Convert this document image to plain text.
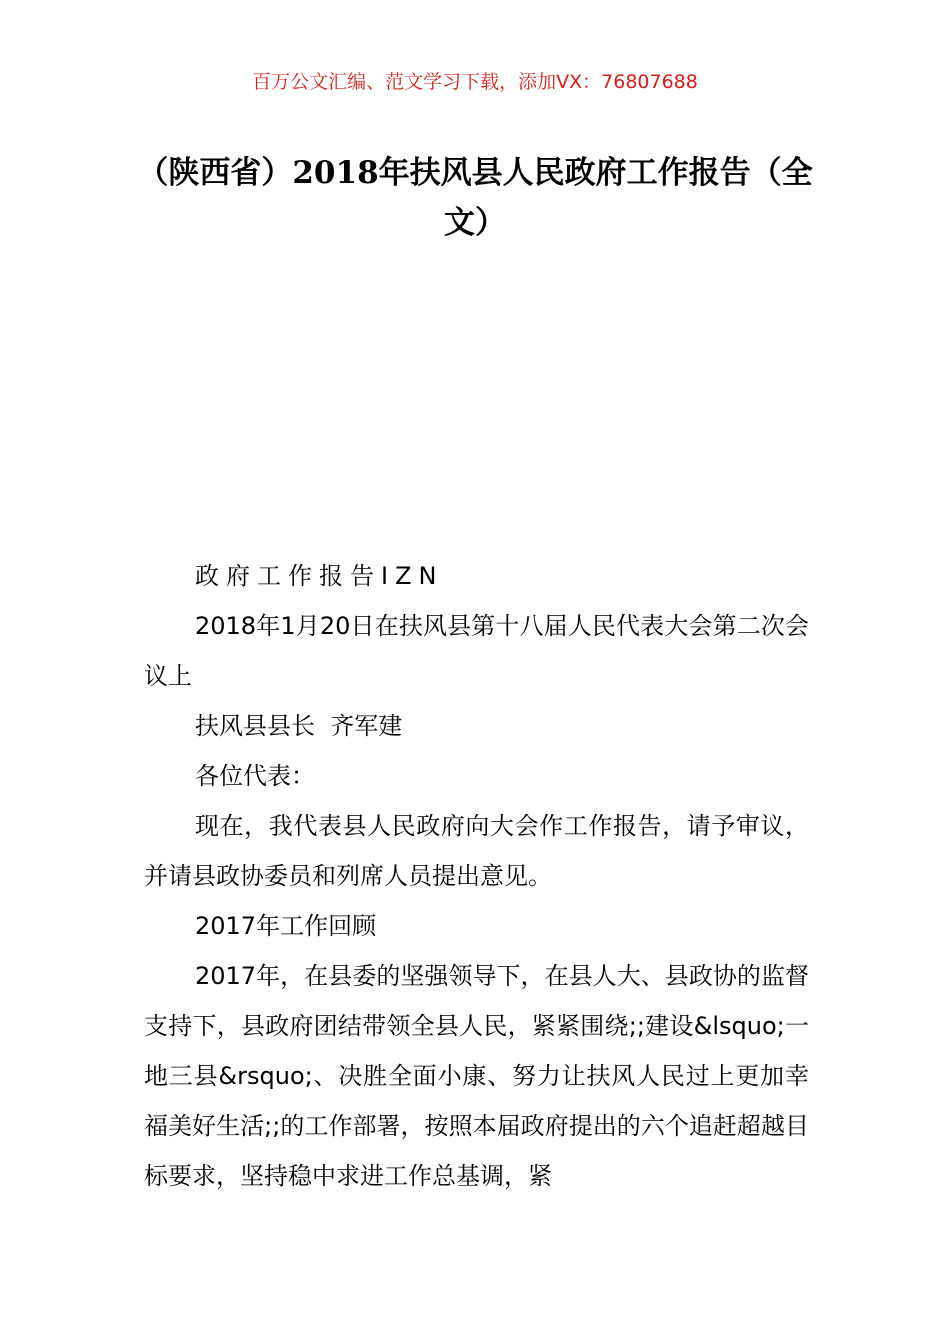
百万公文汇编、范文学习下载，添加VX：76807688
（陕西省）2018年扶风县人民政府工作报告（全文）

政府工作报告IZN

2018年1月20日在扶风县第十八届人民代表大会第二次会议上

扶风县县长  齐军建

各位代表：

现在，我代表县人民政府向大会作工作报告，请予审议，并请县政协委员和列席人员提出意见。

2017年工作回顾

2017年，在县委的坚强领导下，在县人大、县政协的监督支持下，县政府团结带领全县人民，紧紧围绕;;建设&lsquo;一地三县&rsquo;、决胜全面小康、努力让扶风人民过上更加幸福美好生活;;的工作部署，按照本届政府提出的六个追赶超越目标要求，坚持稳中求进工作总基调，紧
